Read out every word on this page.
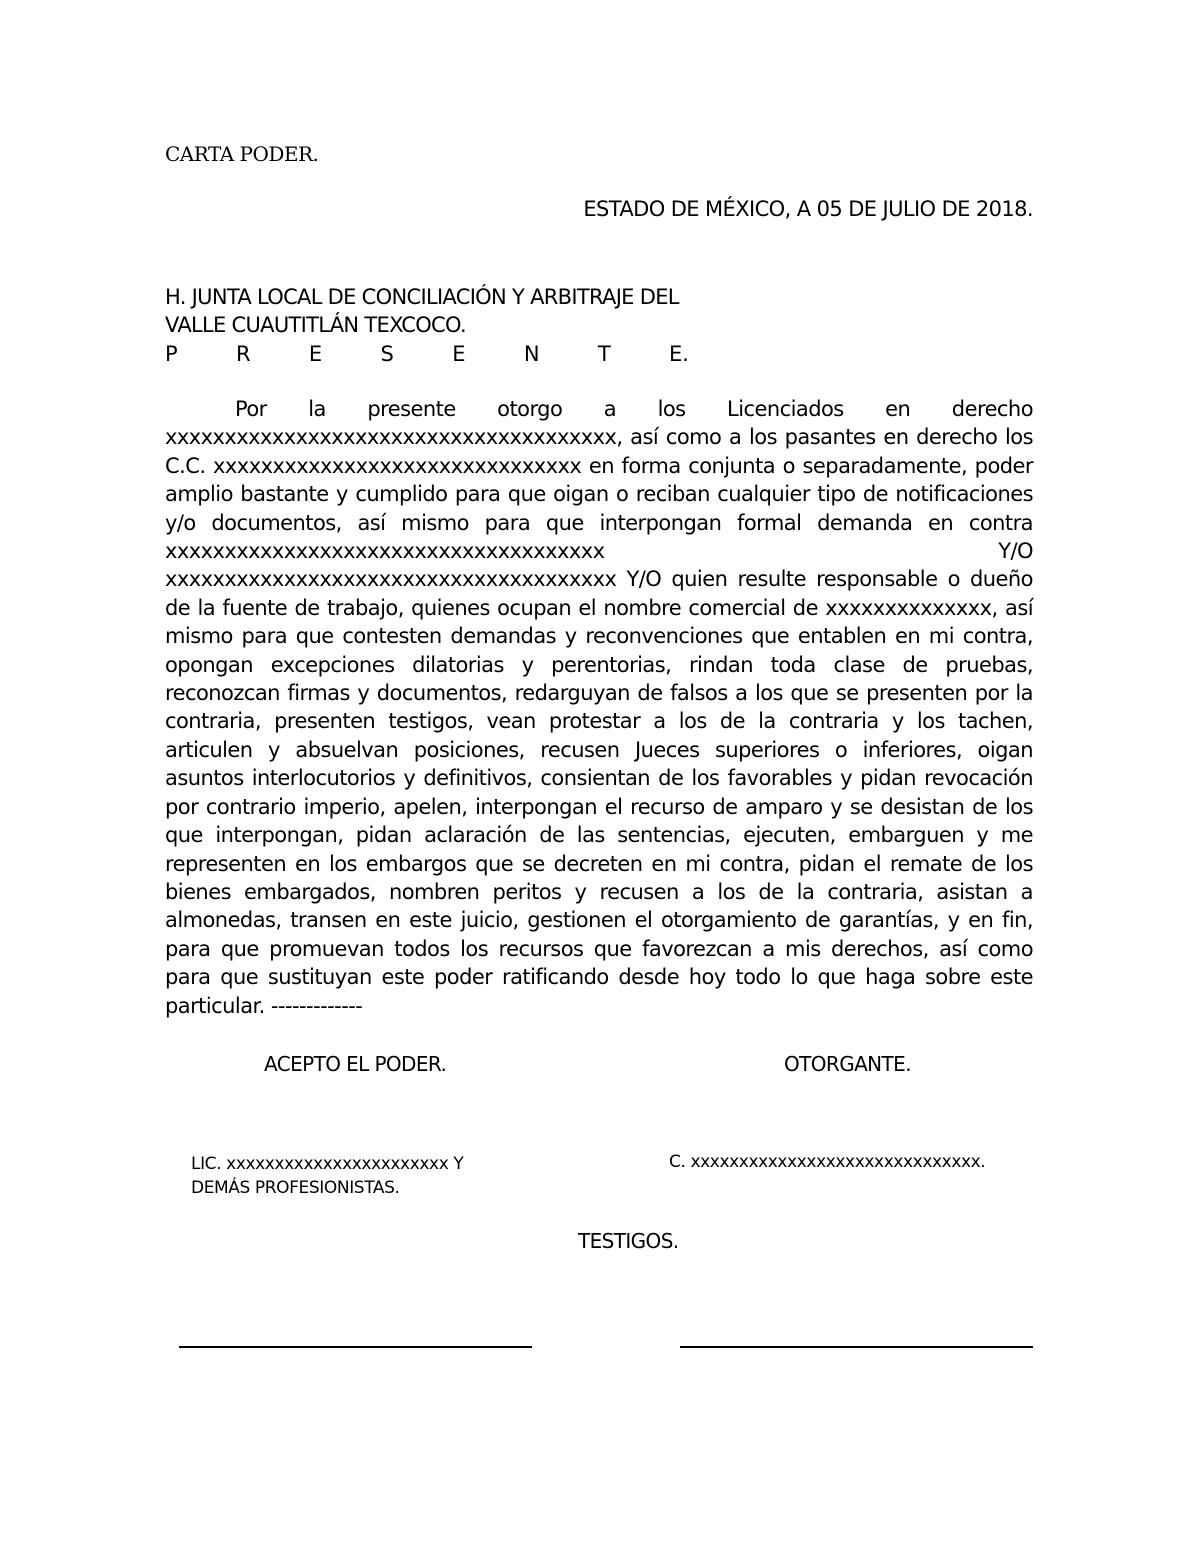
CARTA PODER.
ESTADO DE MÉXICO, A 05 DE JULIO DE 2018.
H. JUNTA LOCAL DE CONCILIACIÓN Y ARBITRAJE DEL
VALLE CUAUTITLÁN TEXCOCO.
P	R	E	S	E	N	T	E.

Por la presente otorgo a los Licenciados en derecho xxxxxxxxxxxxxxxxxxxxxxxxxxxxxxxxxxxxxx, así como a los pasantes en derecho los C.C. xxxxxxxxxxxxxxxxxxxxxxxxxxxxxxx en forma conjunta o separadamente, poder amplio bastante y cumplido para que oigan o reciban cualquier tipo de notificaciones y/o documentos, así mismo para que interpongan formal demanda en contra xxxxxxxxxxxxxxxxxxxxxxxxxxxxxxxxxxxxx Y/O xxxxxxxxxxxxxxxxxxxxxxxxxxxxxxxxxxxxxx Y/O quien resulte responsable o dueño de la fuente de trabajo, quienes ocupan el nombre comercial de xxxxxxxxxxxxxx, así mismo para que contesten demandas y reconvenciones que entablen en mi contra, opongan excepciones dilatorias y perentorias, rindan toda clase de pruebas, reconozcan firmas y documentos, redarguyan de falsos a los que se presenten por la contraria, presenten testigos, vean protestar a los de la contraria y los tachen, articulen y absuelvan posiciones, recusen Jueces superiores o inferiores, oigan asuntos interlocutorios y definitivos, consientan de los favorables y pidan revocación por contrario imperio, apelen, interpongan el recurso de amparo y se desistan de los que interpongan, pidan aclaración de las sentencias, ejecuten, embarguen y me representen en los embargos que se decreten en mi contra, pidan el remate de los bienes embargados, nombren peritos y recusen a los de la contraria, asistan a almonedas, transen en este juicio, gestionen el otorgamiento de garantías, y en fin, para que promuevan todos los recursos que favorezcan a mis derechos, así como para que sustituyan este poder ratificando desde hoy todo lo que haga sobre este particular. -------------

ACEPTO EL PODER.	OTORGANTE.
LIC. xxxxxxxxxxxxxxxxxxxxxxx Y
DEMÁS PROFESIONISTAS.
C. xxxxxxxxxxxxxxxxxxxxxxxxxxxxxx.
TESTIGOS.
